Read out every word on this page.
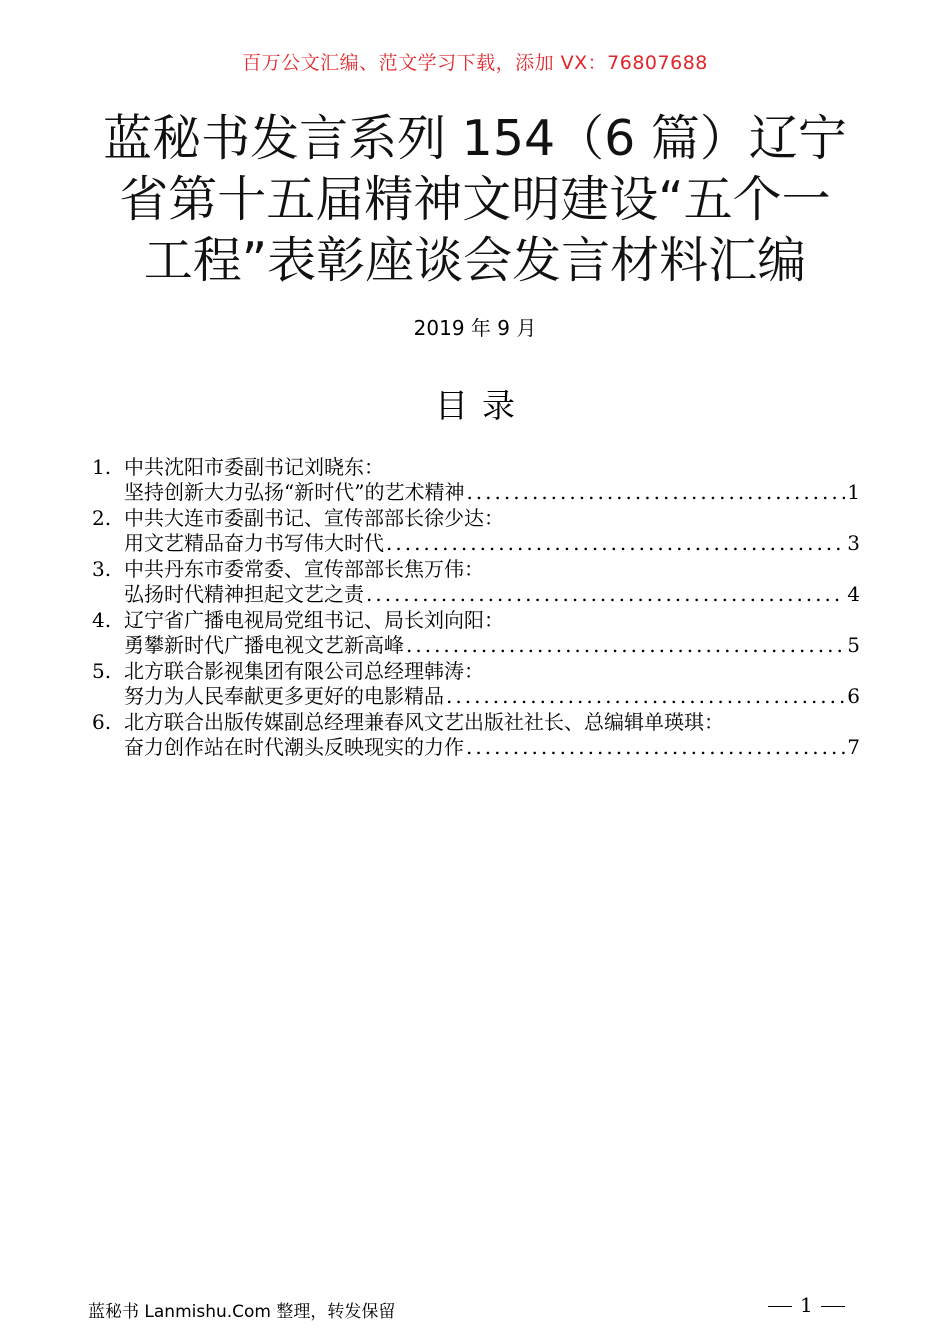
百万公文汇编、范文学习下载，添加 VX：76807688
蓝秘书发言系列 154（6 篇）辽宁省第十五届精神文明建设“五个一工程”表彰座谈会发言材料汇编
2019 年 9 月
目录
1. 中共沈阳市委副书记刘晓东：
坚持创新大力弘扬“新时代”的艺术精神 .....	1
2. 中共大连市委副书记、宣传部部长徐少达：
用文艺精品奋力书写伟大时代 .....	3
3. 中共丹东市委常委、宣传部部长焦万伟：
弘扬时代精神担起文艺之责 .....	4
4. 辽宁省广播电视局党组书记、局长刘向阳：
勇攀新时代广播电视文艺新高峰 .....	5
5. 北方联合影视集团有限公司总经理韩涛：
努力为人民奉献更多更好的电影精品 .....	6
6. 北方联合出版传媒副总经理兼春风文艺出版社社长、总编辑单瑛琪：
奋力创作站在时代潮头反映现实的力作 .....	7
蓝秘书 Lanmishu.Com 整理，转发保留	1
